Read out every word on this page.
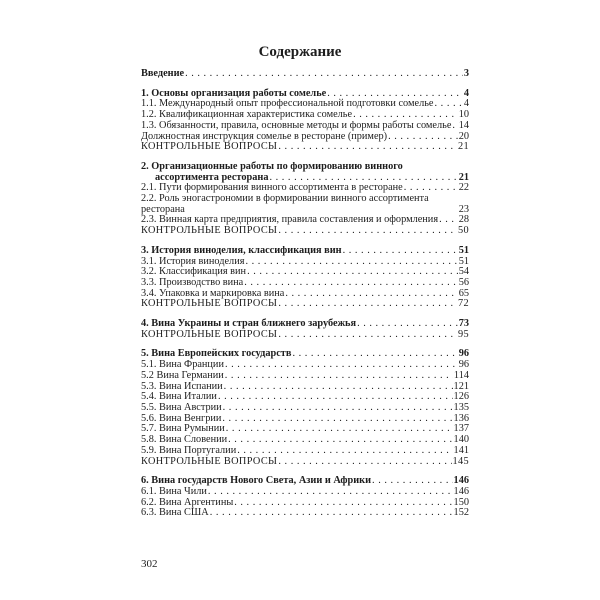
Содержание
Введение . . .	3
1. Основы организация работы сомелье . . .	4
1.1. Международный опыт профессиональной подготовки сомелье . . .	4
1.2. Квалификационная характеристика сомелье . . .	10
1.3. Обязанности, правила, основные методы и формы работы сомелье . . . 14
Должностная инструкция сомелье в ресторане (пример) . . .	20
КОНТРОЛЬНЫЕ ВОПРОСЫ . . .	21
2. Организационные работы по формированию винного
ассортимента ресторана . . .	21
2.1. Пути формирования винного ассортимента в ресторане . . .	22
2.2. Роль эногастрономии в формировании винного ассортимента ресторана	23
2.3. Винная карта предприятия, правила составления и оформления . . . 28
КОНТРОЛЬНЫЕ ВОПРОСЫ . . .	50
3. История виноделия, классификация вин . . .	51
3.1. История виноделия . . .	51
3.2. Классификация вин . . .	54
3.3. Производство вина . . .	56
3.4. Упаковка и маркировка вина . . .	65
КОНТРОЛЬНЫЕ ВОПРОСЫ . . .	72
4. Вина Украины и стран ближнего зарубежья . . .	73
КОНТРОЛЬНЫЕ ВОПРОСЫ . . .	95
5. Вина Европейских государств . . .	96
5.1. Вина Франции . . .	96
5.2 Вина Германии . . .	114
5.3. Вина Испании . . .	121
5.4. Вина Италии . . .	126
5.5. Вина Австрии . . .	135
5.6. Вина Венгрии . . .	136
5.7. Вина Румынии . . .	137
5.8. Вина Словении . . .	140
5.9. Вина Португалии . . .	141
КОНТРОЛЬНЫЕ ВОПРОСЫ . . .	145
6. Вина государств Нового Света, Азии и Африки . . .	146
6.1. Вина Чили . . .	146
6.2. Вина Аргентины . . .	150
6.3. Вина США . . .	152
302
